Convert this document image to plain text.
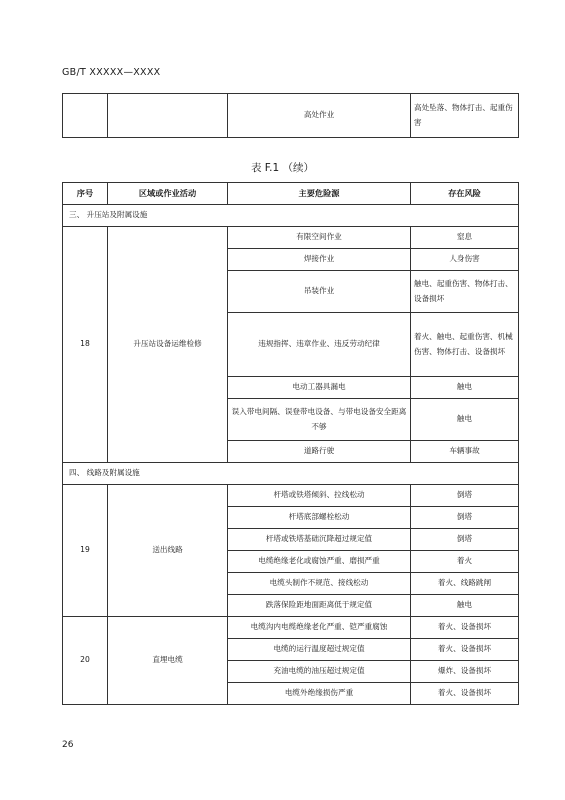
GB/T XXXXX—XXXX
		高处作业	高处坠落、物体打击、起重伤害
表 F.1 （续）
序号	区域或作业活动	主要危险源	存在风险
三、 升压站及附属设施			
18	升压站设备运维检修	有限空间作业	窒息
		焊接作业	人身伤害
		吊装作业	触电、起重伤害、物体打击、设备损坏
		违规指挥、违章作业、违反劳动纪律	着火、触电、起重伤害、机械伤害、物体打击、设备损坏
		电动工器具漏电	触电
		误入带电间隔、误登带电设备、与带电设备安全距离不够	触电
		道路行驶	车辆事故
四、 线路及附属设施			
19	送出线路	杆塔或铁塔倾斜、拉线松动	倒塔
		杆塔底部螺栓松动	倒塔
		杆塔或铁塔基础沉降超过规定值	倒塔
		电缆绝缘老化或腐蚀严重、磨损严重	着火
		电缆头制作不规范、接线松动	着火、线路跳闸
		跌落保险距地面距离低于规定值	触电
20	直埋电缆	电缆沟内电缆绝缘老化严重、铠严重腐蚀	着火、设备损坏
		电缆的运行温度超过规定值	着火、设备损坏
		充油电缆的油压超过规定值	爆炸、设备损坏
		电缆外绝缘损伤严重	着火、设备损坏
26
